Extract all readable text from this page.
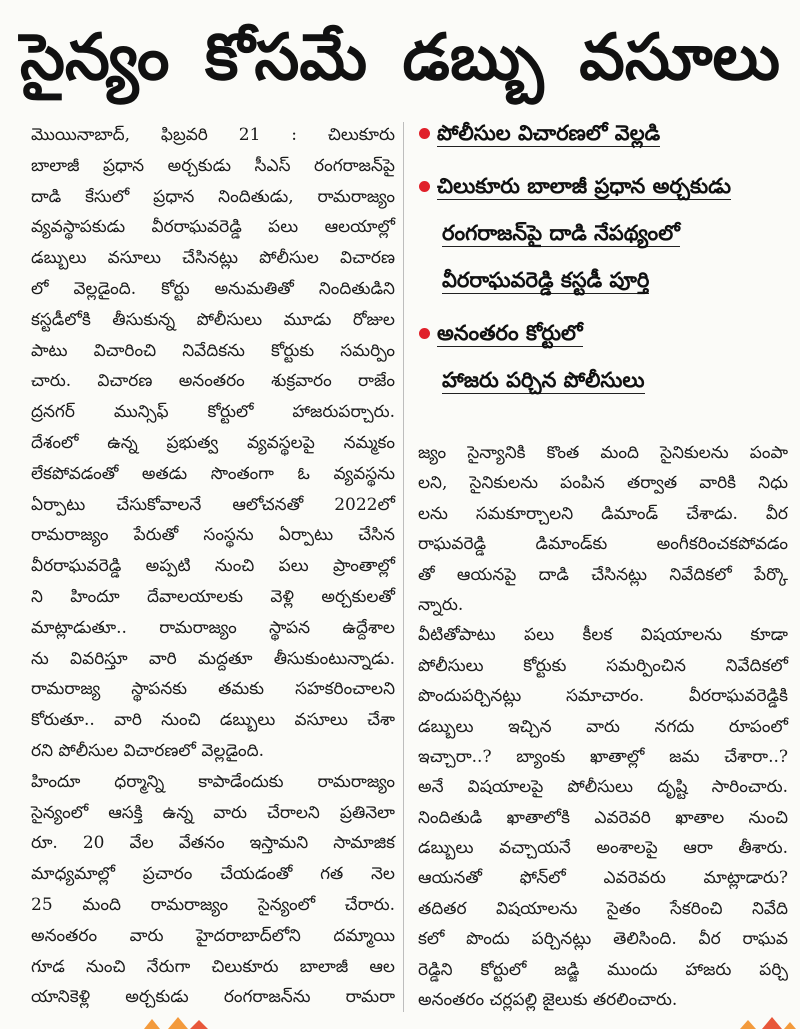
సైన్యం కోసమే డబ్బు వసూలు
మొయినాబాద్, ఫిబ్రవరి 21 : చిలుకూరు
బాలాజీ ప్రధాన అర్చకుడు సీఎస్ రంగరాజన్‌పై
దాడి కేసులో ప్రధాన నిందితుడు, రామరాజ్యం
వ్యవస్థాపకుడు వీరరాఘవరెడ్డి పలు ఆలయాల్లో
డబ్బులు వసూలు చేసినట్లు పోలీసుల విచారణ
లో వెల్లడైంది. కోర్టు అనుమతితో నిందితుడిని
కస్టడీలోకి తీసుకున్న పోలీసులు మూడు రోజుల
పాటు విచారించి నివేదికను కోర్టుకు సమర్పిం
చారు. విచారణ అనంతరం శుక్రవారం రాజేం
ద్రనగర్ మున్సిఫ్ కోర్టులో హాజరుపర్చారు.
దేశంలో ఉన్న ప్రభుత్వ వ్యవస్థలపై నమ్మకం
లేకపోవడంతో అతడు సొంతంగా ఓ వ్యవస్థను
ఏర్పాటు చేసుకోవాలనే ఆలోచనతో 2022లో
రామరాజ్యం పేరుతో సంస్థను ఏర్పాటు చేసిన
వీరరాఘవరెడ్డి అప్పటి నుంచి పలు ప్రాంతాల్లో
ని హిందూ దేవాలయాలకు వెళ్లి అర్చకులతో
మాట్లాడుతూ.. రామరాజ్యం స్థాపన ఉద్దేశాల
ను వివరిస్తూ వారి మద్దతూ తీసుకుంటున్నాడు.
రామరాజ్య స్థాపనకు తమకు సహకరించాలని
కోరుతూ.. వారి నుంచి డబ్బులు వసూలు చేశా
రని పోలీసుల విచారణలో వెల్లడైంది.
హిందూ ధర్మాన్ని కాపాడేందుకు రామరాజ్యం
సైన్యంలో ఆసక్తి ఉన్న వారు చేరాలని ప్రతినెలా
రూ. 20 వేల వేతనం ఇస్తామని సామాజిక
మాధ్యమాల్లో ప్రచారం చేయడంతో గత నెల
25 మంది రామరాజ్యం సైన్యంలో చేరారు.
అనంతరం వారు హైదరాబాద్‌లోని దమ్మాయి
గూడ నుంచి నేరుగా చిలుకూరు బాలాజీ ఆల
యానికెళ్లి అర్చకుడు రంగరాజన్‌ను రామరా
పోలీసుల విచారణలో వెల్లడి
చిలుకూరు బాలాజీ ప్రధాన అర్చకుడు
రంగరాజన్‌పై దాడి నేపథ్యంలో
వీరరాఘవరెడ్డి కస్టడీ పూర్తి
అనంతరం కోర్టులో
హాజరు పర్చిన పోలీసులు
జ్యం సైన్యానికి కొంత మంది సైనికులను పంపా
లని, సైనికులను పంపిన తర్వాత వారికి నిధు
లను సమకూర్చాలని డిమాండ్ చేశాడు. వీర
రాఘవరెడ్డి డిమాండ్‌కు అంగీకరించకపోవడం
తో ఆయనపై దాడి చేసినట్లు నివేదికలో పేర్కొ
న్నారు.
వీటితోపాటు పలు కీలక విషయాలను కూడా
పోలీసులు కోర్టుకు సమర్పించిన నివేదికలో
పొందుపర్చినట్లు సమాచారం. వీరరాఘవరెడ్డికి
డబ్బులు ఇచ్చిన వారు నగదు రూపంలో
ఇచ్చారా..? బ్యాంకు ఖాతాల్లో జమ చేశారా..?
అనే విషయాలపై పోలీసులు దృష్టి సారించారు.
నిందితుడి ఖాతాలోకి ఎవరెవరి ఖాతాల నుంచి
డబ్బులు వచ్చాయనే అంశాలపై ఆరా తీశారు.
ఆయనతో ఫోన్‌లో ఎవరెవరు మాట్లాడారు?
తదితర విషయాలను సైతం సేకరించి నివేది
కలో పొందు పర్చినట్లు తెలిసింది. వీర రాఘవ
రెడ్డిని కోర్టులో జడ్జి ముందు హాజరు పర్చి
అనంతరం చర్లపల్లి జైలుకు తరలించారు.
